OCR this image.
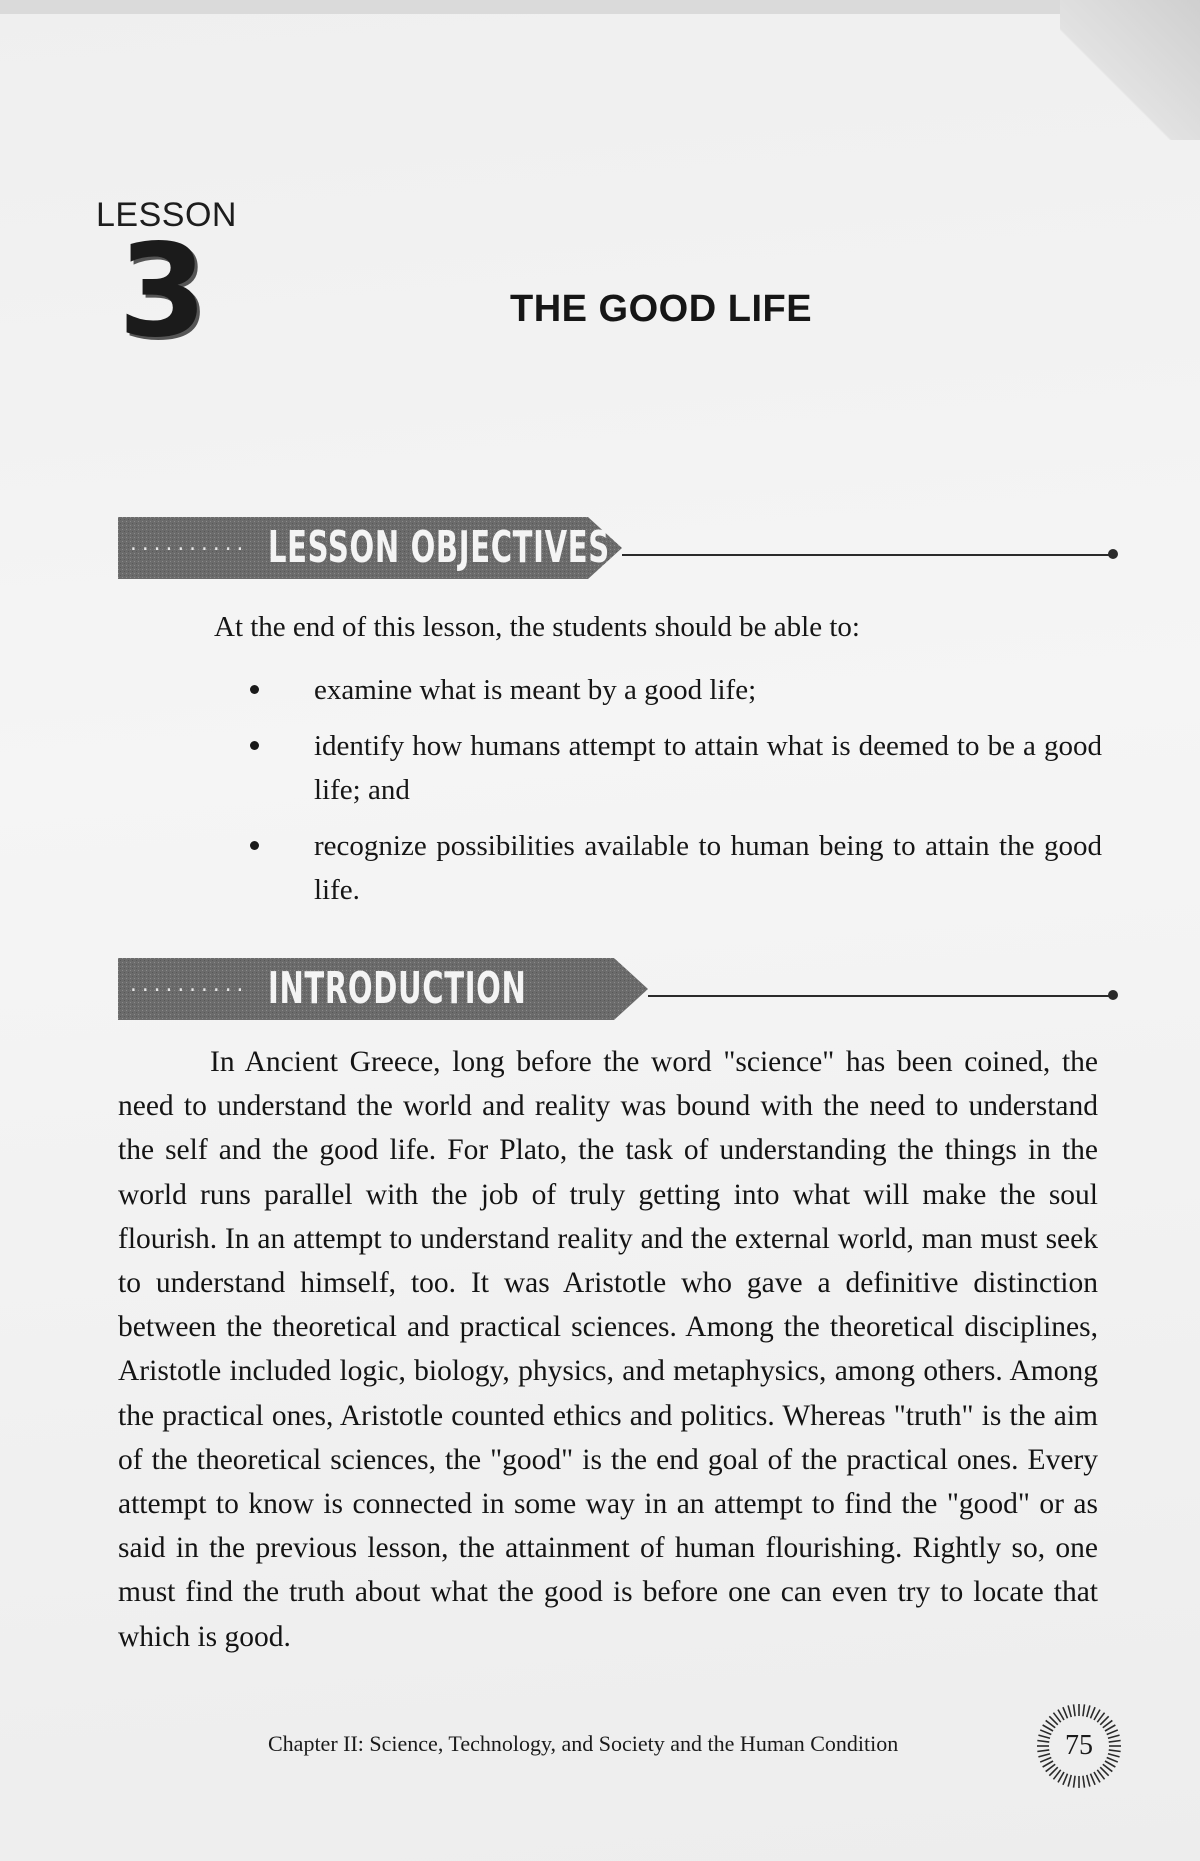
LESSON
3	THE GOOD LIFE
·········· LESSON OBJECTIVES
At the end of this lesson, the students should be able to:
examine what is meant by a good life;
identify how humans attempt to attain what is deemed to be a good life; and
recognize possibilities available to human being to attain the good life.
·········· INTRODUCTION

In Ancient Greece, long before the word "science" has been coined, the need to understand the world and reality was bound with the need to understand the self and the good life. For Plato, the task of understanding the things in the world runs parallel with the job of truly getting into what will make the soul flourish. In an attempt to understand reality and the external world, man must seek to understand himself, too. It was Aristotle who gave a definitive distinction between the theoretical and practical sciences. Among the theoretical disciplines, Aristotle included logic, biology, physics, and metaphysics, among others. Among the practical ones, Aristotle counted ethics and politics. Whereas "truth" is the aim of the theoretical sciences, the "good" is the end goal of the practical ones. Every attempt to know is connected in some way in an attempt to find the "good" or as said in the previous lesson, the attainment of human flourishing. Rightly so, one must find the truth about what the good is before one can even try to locate that which is good.

Chapter II: Science, Technology, and Society and the Human Condition	75
